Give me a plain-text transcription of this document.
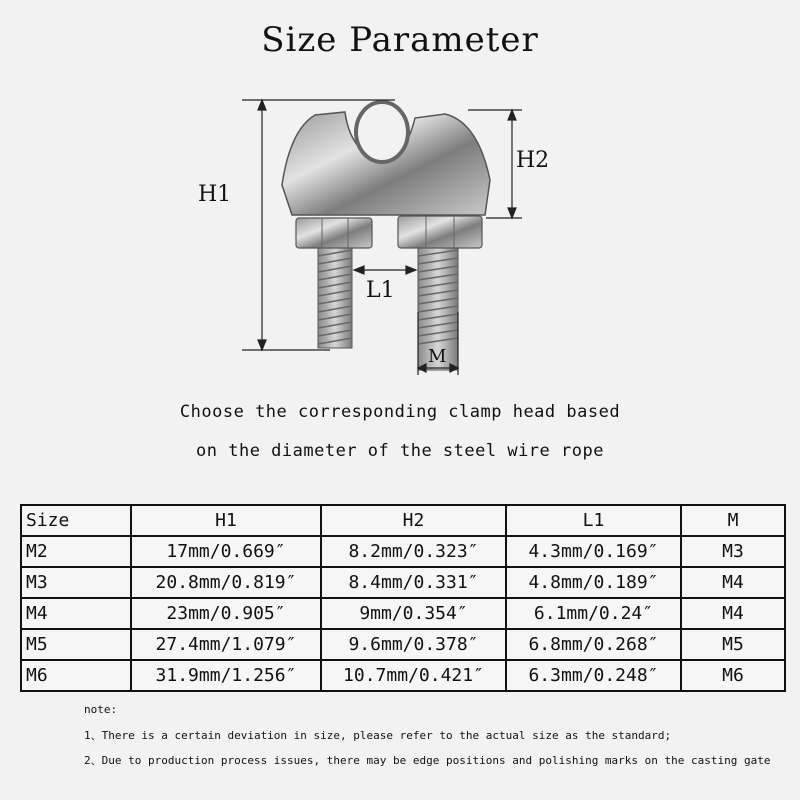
Size Parameter
H1
H2
L1
M
Choose the corresponding clamp head based
on the diameter of the steel wire rope
Size	H1	H2	L1	M
M2	17mm/0.669″	8.2mm/0.323″	4.3mm/0.169″	M3
M3	20.8mm/0.819″	8.4mm/0.331″	4.8mm/0.189″	M4
M4	23mm/0.905″	9mm/0.354″	6.1mm/0.24″	M4
M5	27.4mm/1.079″	9.6mm/0.378″	6.8mm/0.268″	M5
M6	31.9mm/1.256″	10.7mm/0.421″	6.3mm/0.248″	M6
note:
1、There is a certain deviation in size, please refer to the actual size as the standard;
2、Due to production process issues, there may be edge positions and polishing marks on the casting gate
